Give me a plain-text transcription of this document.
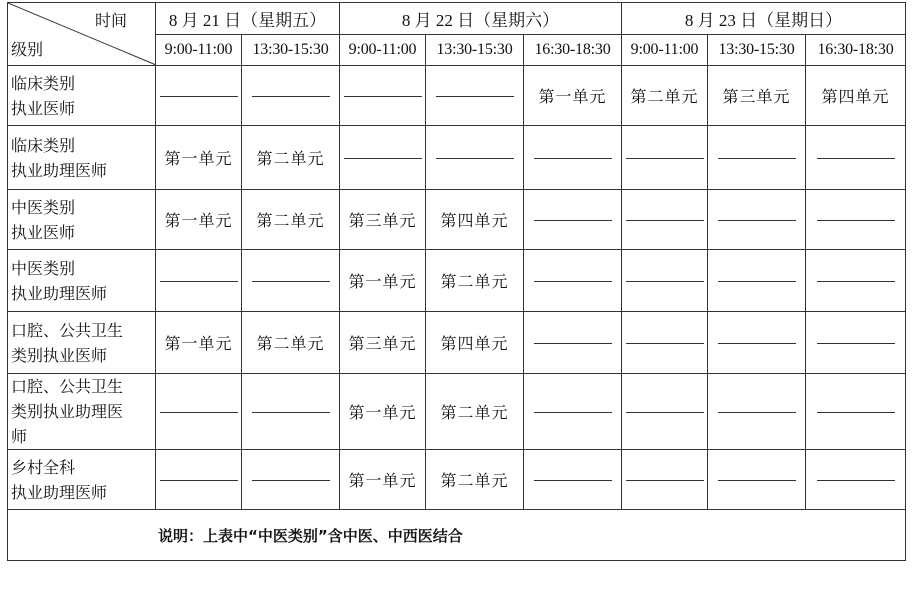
时间
级别	8 月 21 日（星期五）		8 月 22 日（星期六）			8 月 23 日（星期日）		
	9:00-11:00	13:30-15:30	9:00-11:00	13:30-15:30	16:30-18:30	9:00-11:00	13:30-15:30	16:30-18:30

临床类别
执业医师					第一单元	第二单元	第三单元	第四单元

临床类别
执业助理医师	第一单元	第二单元						

中医类别
执业医师	第一单元	第二单元	第三单元	第四单元				

中医类别
执业助理医师			第一单元	第二单元				

口腔、公共卫生
类别执业医师	第一单元	第二单元	第三单元	第四单元				

口腔、公共卫生
类别执业助理医
师			第一单元	第二单元				

乡村全科
执业助理医师			第一单元	第二单元				
说明：上表中“中医类别”含中医、中西医结合								
